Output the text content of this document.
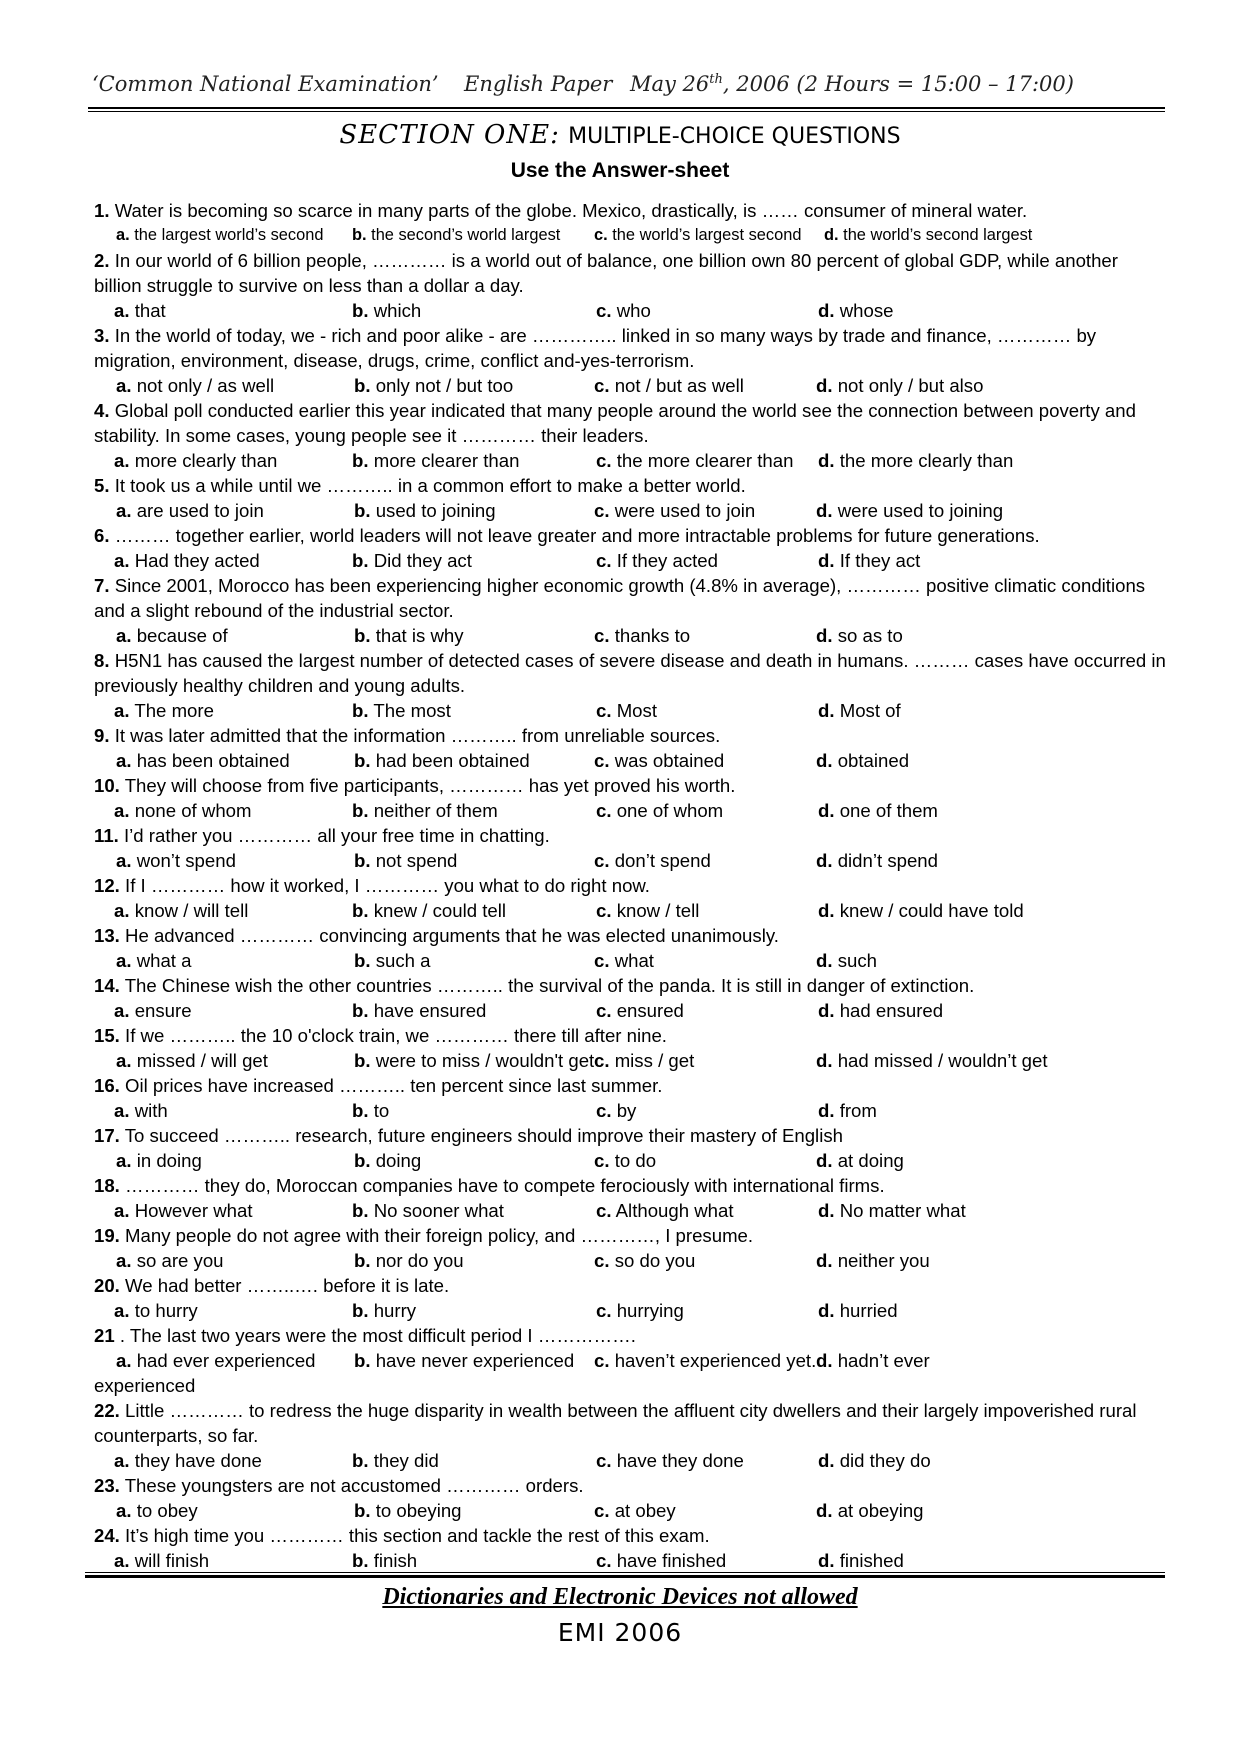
‘Common National Examination’ English Paper May 26th, 2006 (2 Hours = 15:00 – 17:00)
SECTION ONE: MULTIPLE-CHOICE QUESTIONS
Use the Answer-sheet
1. Water is becoming so scarce in many parts of the globe. Mexico, drastically, is …… consumer of mineral water.
a. the largest world’s second b. the second’s world largest c. the world’s largest second d. the world’s second largest
2. In our world of 6 billion people, ………… is a world out of balance, one billion own 80 percent of global GDP, while another billion struggle to survive on less than a dollar a day.
a. that	b. which	c. who	d. whose
3. In the world of today, we - rich and poor alike - are ………….. linked in so many ways by trade and finance, ………… by migration, environment, disease, drugs, crime, conflict and-yes-terrorism.
a. not only / as well	b. only not / but too	c. not / but as well	d. not only / but also
4. Global poll conducted earlier this year indicated that many people around the world see the connection between poverty and stability. In some cases, young people see it ………… their leaders.
a. more clearly than	b. more clearer than	c. the more clearer than d. the more clearly than
5. It took us a while until we ……….. in a common effort to make a better world.
a. are used to join	b. used to joining	c. were used to join	d. were used to joining
6. ……… together earlier, world leaders will not leave greater and more intractable problems for future generations.
a. Had they acted	b. Did they act	c. If they acted	d. If they act
7. Since 2001, Morocco has been experiencing higher economic growth (4.8% in average), ………… positive climatic conditions and a slight rebound of the industrial sector.
a. because of	b. that is why	c. thanks to	d. so as to
8. H5N1 has caused the largest number of detected cases of severe disease and death in humans. ……… cases have occurred in previously healthy children and young adults.
a. The more	b. The most	c. Most	d. Most of
9. It was later admitted that the information ……….. from unreliable sources.
a. has been obtained	b. had been obtained	c. was obtained	d. obtained
10. They will choose from five participants, ………… has yet proved his worth.
a. none of whom	b. neither of them	c. one of whom	d. one of them
11. I’d rather you ………… all your free time in chatting.
a. won’t spend	b. not spend	c. don’t spend	d. didn’t spend
12. If I ………… how it worked, I ………… you what to do right now.
a. know / will tell	b. knew / could tell	c. know / tell	d. knew / could have told
13. He advanced ………… convincing arguments that he was elected unanimously.
a. what a	b. such a	c. what	d. such
14. The Chinese wish the other countries ……….. the survival of the panda. It is still in danger of extinction.
a. ensure	b. have ensured	c. ensured	d. had ensured
15. If we ……….. the 10 o'clock train, we ………… there till after nine.
a. missed / will get	b. were to miss / wouldn't get c. miss / get	d. had missed / wouldn’t get
16. Oil prices have increased ……….. ten percent since last summer.
a. with	b. to	c. by	d. from
17. To succeed ……….. research, future engineers should improve their mastery of English
a. in doing	b. doing	c. to do	d. at doing
18. ………… they do, Moroccan companies have to compete ferociously with international firms.
a. However what	b. No sooner what	c. Although what	d. No matter what
19. Many people do not agree with their foreign policy, and …………, I presume.
a. so are you	b. nor do you	c. so do you	d. neither you
20. We had better ……..…. before it is late.
a. to hurry	b. hurry	c. hurrying	d. hurried
21 . The last two years were the most difficult period I …………….
a. had ever experienced b. have never experienced c. haven’t experienced yet. d. hadn’t ever
experienced
22. Little ………… to redress the huge disparity in wealth between the affluent city dwellers and their largely impoverished rural counterparts, so far.
a. they have done	b. they did	c. have they done	d. did they do
23. These youngsters are not accustomed ………… orders.
a. to obey	b. to obeying	c. at obey	d. at obeying
24. It’s high time you ………… this section and tackle the rest of this exam.
a. will finish	b. finish	c. have finished	d. finished
Dictionaries and Electronic Devices not allowed
EMI 2006
